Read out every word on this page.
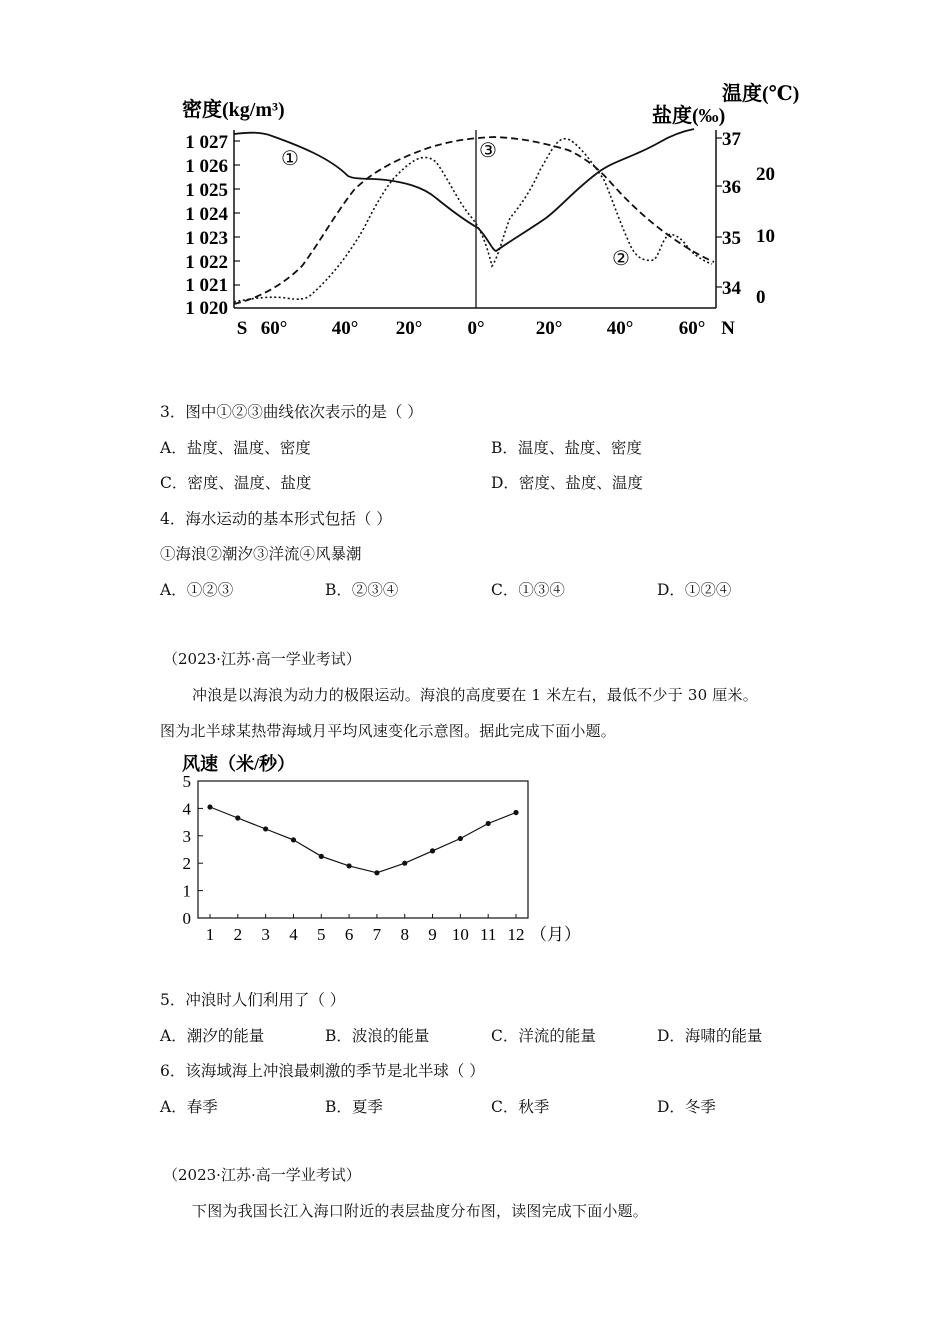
密度(kg/m³)
温度(℃)
盐度(‰)
1 027
1 026
1 025
1 024
1 023
1 022
1 021
1 020
37
36
35
34
20
10
0
S 60° 40° 20° 0°	20° 40° 60° N
①	③
②
3．图中①②③曲线依次表示的是（ ）
A．盐度、温度、密度	B．温度、盐度、密度
C．密度、温度、盐度	D．密度、盐度、温度
4．海水运动的基本形式包括（ ）
①海浪②潮汐③洋流④风暴潮
A．①②③	B．②③④	C．①③④	D．①②④
（2023·江苏·高一学业考试）
冲浪是以海浪为动力的极限运动。海浪的高度要在 1 米左右，最低不少于 30 厘米。
图为北半球某热带海域月平均风速变化示意图。据此完成下面小题。
风速（米/秒）
0
1
2
3
4
5
1 2 3 4 5 6 7 8 9 10 11 12 （月）
5．冲浪时人们利用了（ ）
A．潮汐的能量	B．波浪的能量	C．洋流的能量	D．海啸的能量
6．该海域海上冲浪最刺激的季节是北半球（ ）
A．春季	B．夏季	C．秋季	D．冬季
（2023·江苏·高一学业考试）
下图为我国长江入海口附近的表层盐度分布图，读图完成下面小题。
